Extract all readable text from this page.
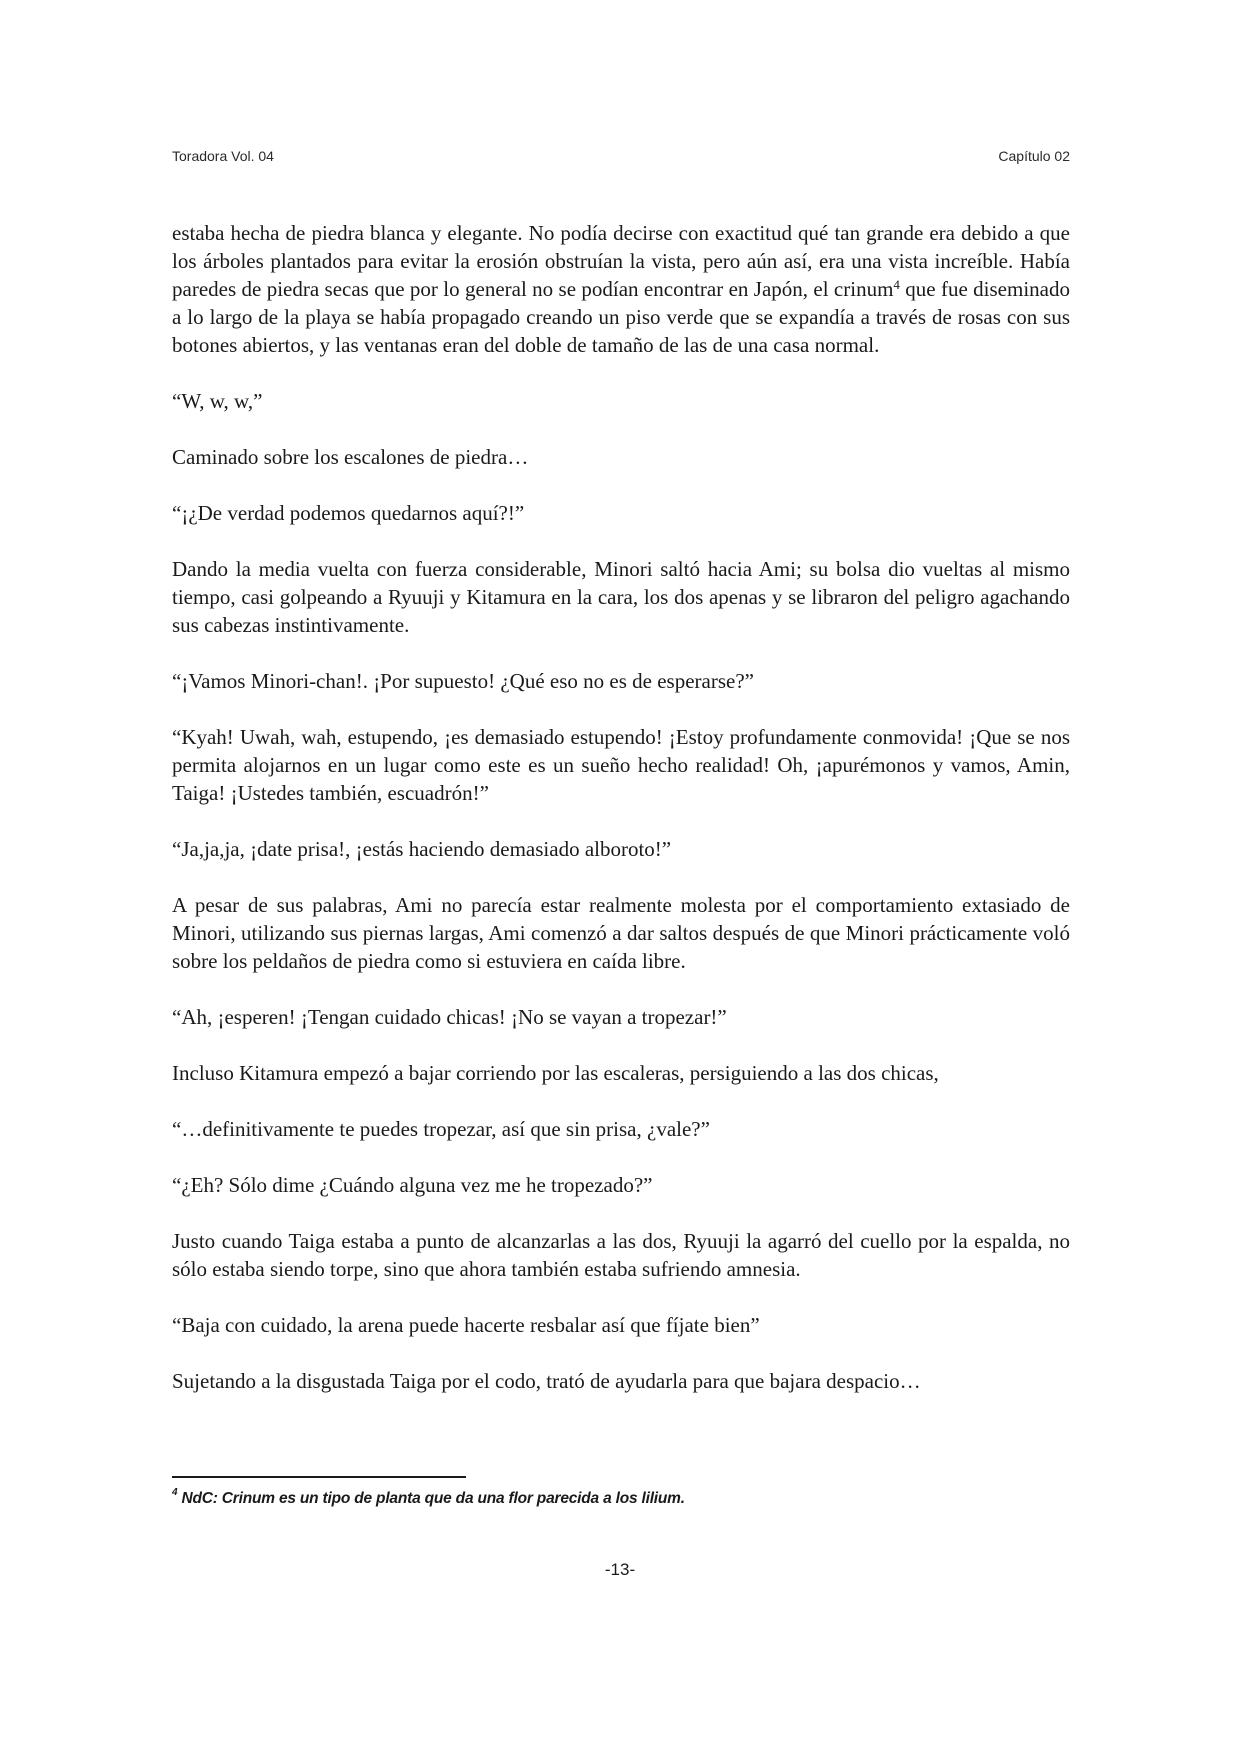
Toradora Vol. 04	Capítulo 02

estaba hecha de piedra blanca y elegante. No podía decirse con exactitud qué tan grande era debido a que los árboles plantados para evitar la erosión obstruían la vista, pero aún así, era una vista increíble. Había paredes de piedra secas que por lo general no se podían encontrar en Japón, el crinum$^4$ que fue diseminado a lo largo de la playa se había propagado creando un piso verde que se expandía a través de rosas con sus botones abiertos, y las ventanas eran del doble de tamaño de las de una casa normal.

“W, w, w,”

Caminado sobre los escalones de piedra…

“¡¿De verdad podemos quedarnos aquí?!”

Dando la media vuelta con fuerza considerable, Minori saltó hacia Ami; su bolsa dio vueltas al mismo tiempo, casi golpeando a Ryuuji y Kitamura en la cara, los dos apenas y se libraron del peligro agachando sus cabezas instintivamente.

“¡Vamos Minori-chan!. ¡Por supuesto! ¿Qué eso no es de esperarse?”

“Kyah! Uwah, wah, estupendo, ¡es demasiado estupendo! ¡Estoy profundamente conmovida! ¡Que se nos permita alojarnos en un lugar como este es un sueño hecho realidad! Oh, ¡apurémonos y vamos, Amin, Taiga! ¡Ustedes también, escuadrón!”

“Ja,ja,ja, ¡date prisa!, ¡estás haciendo demasiado alboroto!”

A pesar de sus palabras, Ami no parecía estar realmente molesta por el comportamiento extasiado de Minori, utilizando sus piernas largas, Ami comenzó a dar saltos después de que Minori prácticamente voló sobre los peldaños de piedra como si estuviera en caída libre.

“Ah, ¡esperen! ¡Tengan cuidado chicas! ¡No se vayan a tropezar!”

Incluso Kitamura empezó a bajar corriendo por las escaleras, persiguiendo a las dos chicas,

“…definitivamente te puedes tropezar, así que sin prisa, ¿vale?”

“¿Eh? Sólo dime ¿Cuándo alguna vez me he tropezado?”

Justo cuando Taiga estaba a punto de alcanzarlas a las dos, Ryuuji la agarró del cuello por la espalda, no sólo estaba siendo torpe, sino que ahora también estaba sufriendo amnesia.

“Baja con cuidado, la arena puede hacerte resbalar así que fíjate bien”

Sujetando a la disgustada Taiga por el codo, trató de ayudarla para que bajara despacio…

$^4$ NdC: Crinum es un tipo de planta que da una flor parecida a los lilium.
-13-
